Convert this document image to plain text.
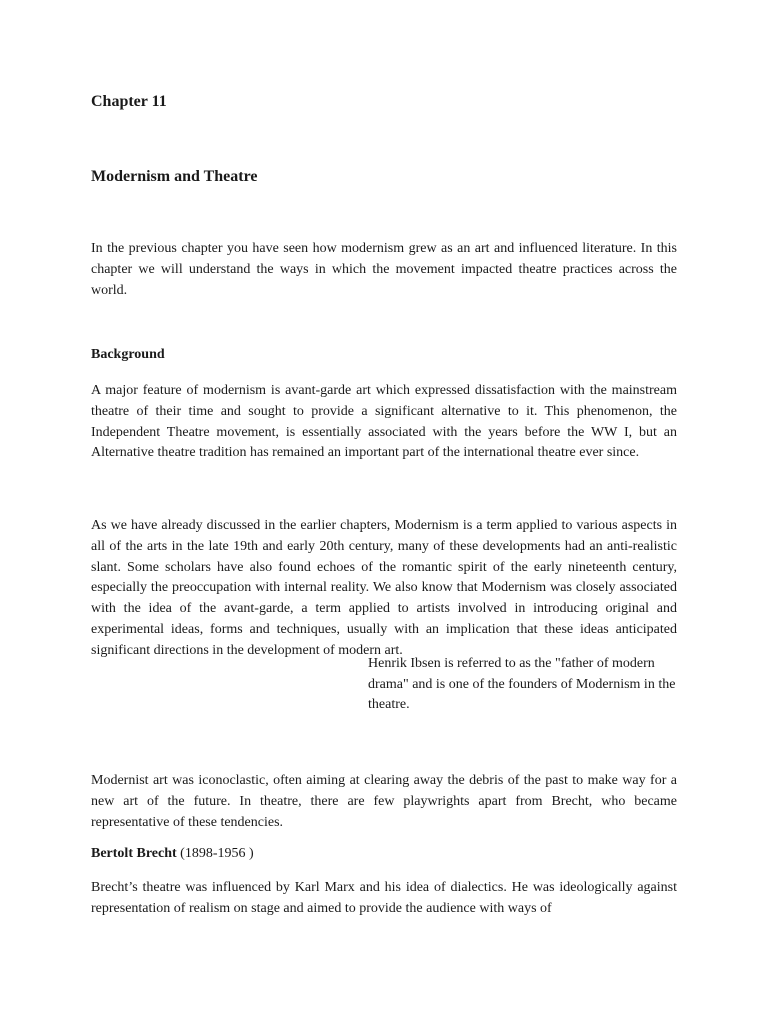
Chapter 11
Modernism and Theatre

In the previous chapter you have seen how modernism grew as an art and influenced literature. In this chapter we will understand the ways in which the movement impacted theatre practices across the world.

Background

A major feature of modernism is avant-garde art which expressed dissatisfaction with the mainstream theatre of their time and sought to provide a significant alternative to it. This phenomenon, the Independent Theatre movement, is essentially associated with the years before the WW I, but an Alternative theatre tradition has remained an important part of the international theatre ever since.

As we have already discussed in the earlier chapters, Modernism is a term applied to various aspects in all of the arts in the late 19th and early 20th century, many of these developments had an anti-realistic slant. Some scholars have also found echoes of the romantic spirit of the early nineteenth century, especially the preoccupation with internal reality. We also know that Modernism was closely associated with the idea of the avant-garde, a term applied to artists involved in introducing original and experimental ideas, forms and techniques, usually with an implication that these ideas anticipated significant directions in the development of modern art.

Henrik Ibsen is referred to as the "father of modern drama" and is one of the founders of Modernism in the theatre.

Modernist art was iconoclastic, often aiming at clearing away the debris of the past to make way for a new art of the future. In theatre, there are few playwrights apart from Brecht, who became representative of these tendencies.

Bertolt Brecht (1898-1956 )

Brecht’s theatre was influenced by Karl Marx and his idea of dialectics. He was ideologically against representation of realism on stage and aimed to provide the audience with ways of
